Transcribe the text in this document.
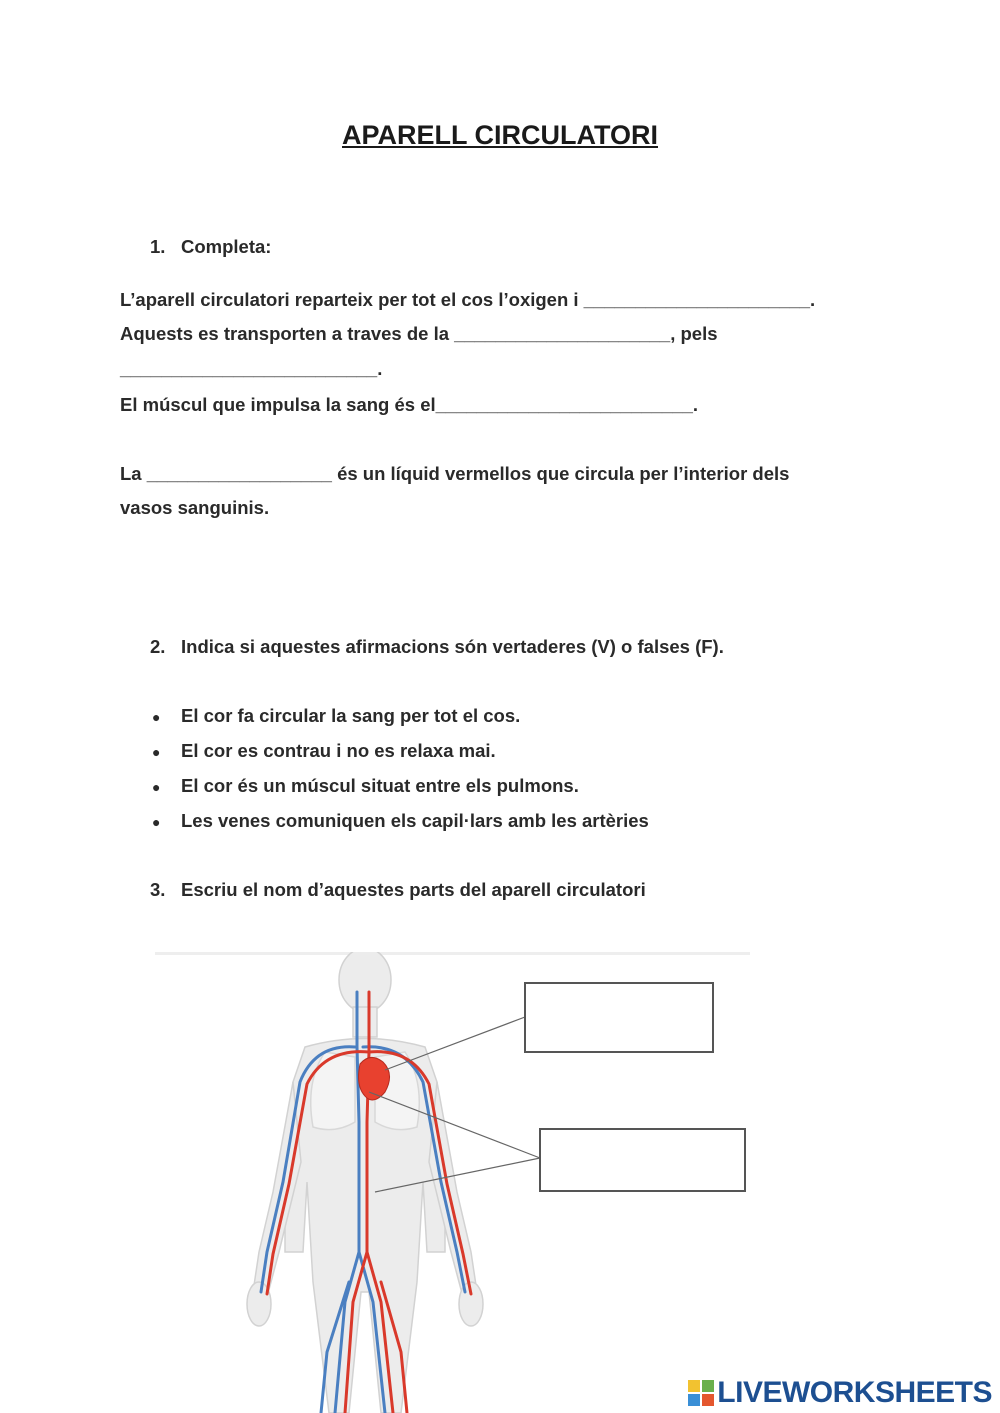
APARELL CIRCULATORI
1. Completa:
L’aparell circulatori reparteix per tot el cos l’oxigen i ______________________.
Aquests es transporten a traves de la _____________________, pels
_________________________.
El múscul que impulsa la sang és el_________________________.
La __________________ és un líquid vermellos que circula per l’interior dels
vasos sanguinis.
2. Indica si aquestes afirmacions són vertaderes (V) o falses (F).
● El cor fa circular la sang per tot el cos.
● El cor es contrau i no es relaxa mai.
● El cor és un múscul situat entre els pulmons.
● Les venes comuniquen els capil·lars amb les artèries
3. Escriu el nom d’aquestes parts del aparell circulatori
LIVEWORKSHEETS
